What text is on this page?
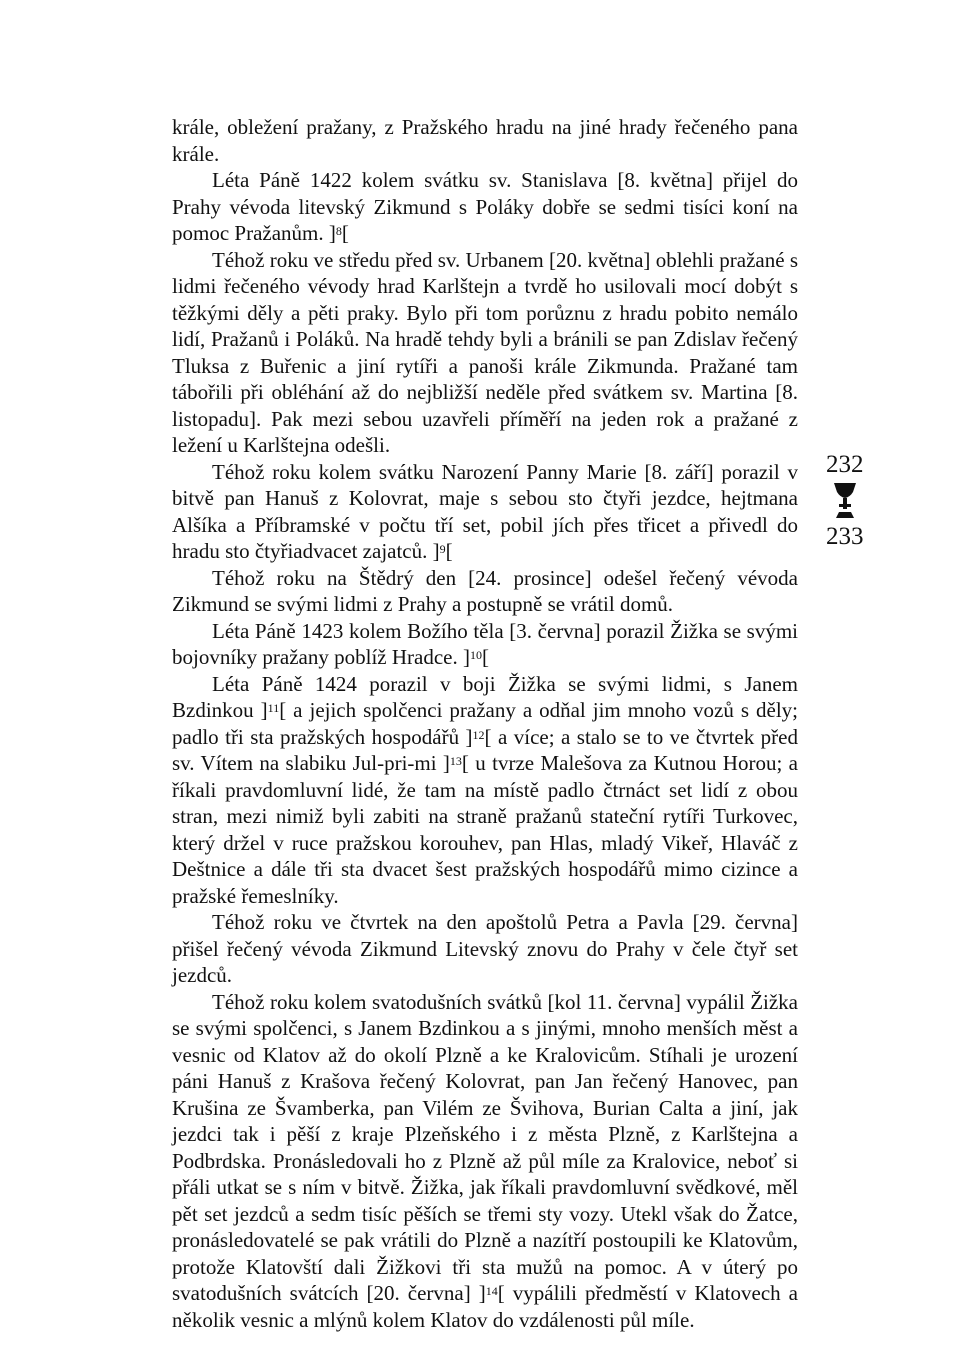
krále, obležení pražany, z Pražského hradu na jiné hrady řečeného pana krále.

Léta Páně 1422 kolem svátku sv. Stanislava [8. května] přijel do Prahy vévoda litevský Zikmund s Poláky dobře se sedmi tisíci koní na pomoc Pražanům. ]$^8$[

Téhož roku ve středu před sv. Urbanem [20. května] oblehli pražané s lidmi řečeného vévody hrad Karlštejn a tvrdě ho usilovali mocí dobýt s těžkými děly a pěti praky. Bylo při tom porůznu z hradu pobito nemálo lidí, Pražanů i Poláků. Na hradě tehdy byli a bránili se pan Zdislav řečený Tluksa z Buřenic a jiní rytíři a panoši krále Zikmunda. Pražané tam tábořili při obléhání až do nejbližší neděle před svátkem sv. Martina [8. listopadu]. Pak mezi sebou uzavřeli příměří na jeden rok a pražané z ležení u Karlštejna odešli.

Téhož roku kolem svátku Narození Panny Marie [8. září] porazil v bitvě pan Hanuš z Kolovrat, maje s sebou sto čtyři jezdce, hejtmana Alšíka a Příbramské v počtu tří set, pobil jích přes třicet a přivedl do hradu sto čtyřiadvacet zajatců. ]$^9$[

Téhož roku na Štědrý den [24. prosince] odešel řečený vévoda Zikmund se svými lidmi z Prahy a postupně se vrátil domů.

Léta Páně 1423 kolem Božího těla [3. června] porazil Žižka se svými bojovníky pražany poblíž Hradce. ]$^{10}$[

Léta Páně 1424 porazil v boji Žižka se svými lidmi, s Janem Bzdinkou ]$^{11}$[ a jejich spolčenci pražany a odňal jim mnoho vozů s děly; padlo tři sta pražských hospodářů ]$^{12}$[ a více; a stalo se to ve čtvrtek před sv. Vítem na slabiku Jul-pri-mi ]$^{13}$[ u tvrze Malešova za Kutnou Horou; a říkali pravdomluvní lidé, že tam na místě padlo čtrnáct set lidí z obou stran, mezi nimiž byli zabiti na straně pražanů stateční rytíři Turkovec, který držel v ruce pražskou korouhev, pan Hlas, mladý Vikeř, Hlaváč z Deštnice a dále tři sta dvacet šest pražských hospodářů mimo cizince a pražské řemeslníky.

Téhož roku ve čtvrtek na den apoštolů Petra a Pavla [29. června] přišel řečený vévoda Zikmund Litevský znovu do Prahy v čele čtyř set jezdců.

Téhož roku kolem svatodušních svátků [kol 11. června] vypálil Žižka se svými spolčenci, s Janem Bzdinkou a s jinými, mnoho menších měst a vesnic od Klatov až do okolí Plzně a ke Kralovicům. Stíhali je urození páni Hanuš z Krašova řečený Kolovrat, pan Jan řečený Hanovec, pan Krušina ze Švamberka, pan Vilém ze Švihova, Burian Calta a jiní, jak jezdci tak i pěší z kraje Plzeňského i z města Plzně, z Karlštejna a Podbrdska. Pronásledovali ho z Plzně až půl míle za Kralovice, neboť si přáli utkat se s ním v bitvě. Žižka, jak říkali pravdomluvní svědkové, měl pět set jezdců a sedm tisíc pěších se třemi sty vozy. Utekl však do Žatce, pronásledovatelé se pak vrátili do Plzně a nazítří postoupili ke Klatovům, protože Klatovští dali Žižkovi tři sta mužů na pomoc. A v úterý po svatodušních svátcích [20. června] ]$^{14}$[ vypálili předměstí v Klatovech a několik vesnic a mlýnů kolem Klatov do vzdálenosti půl míle.

232
233
